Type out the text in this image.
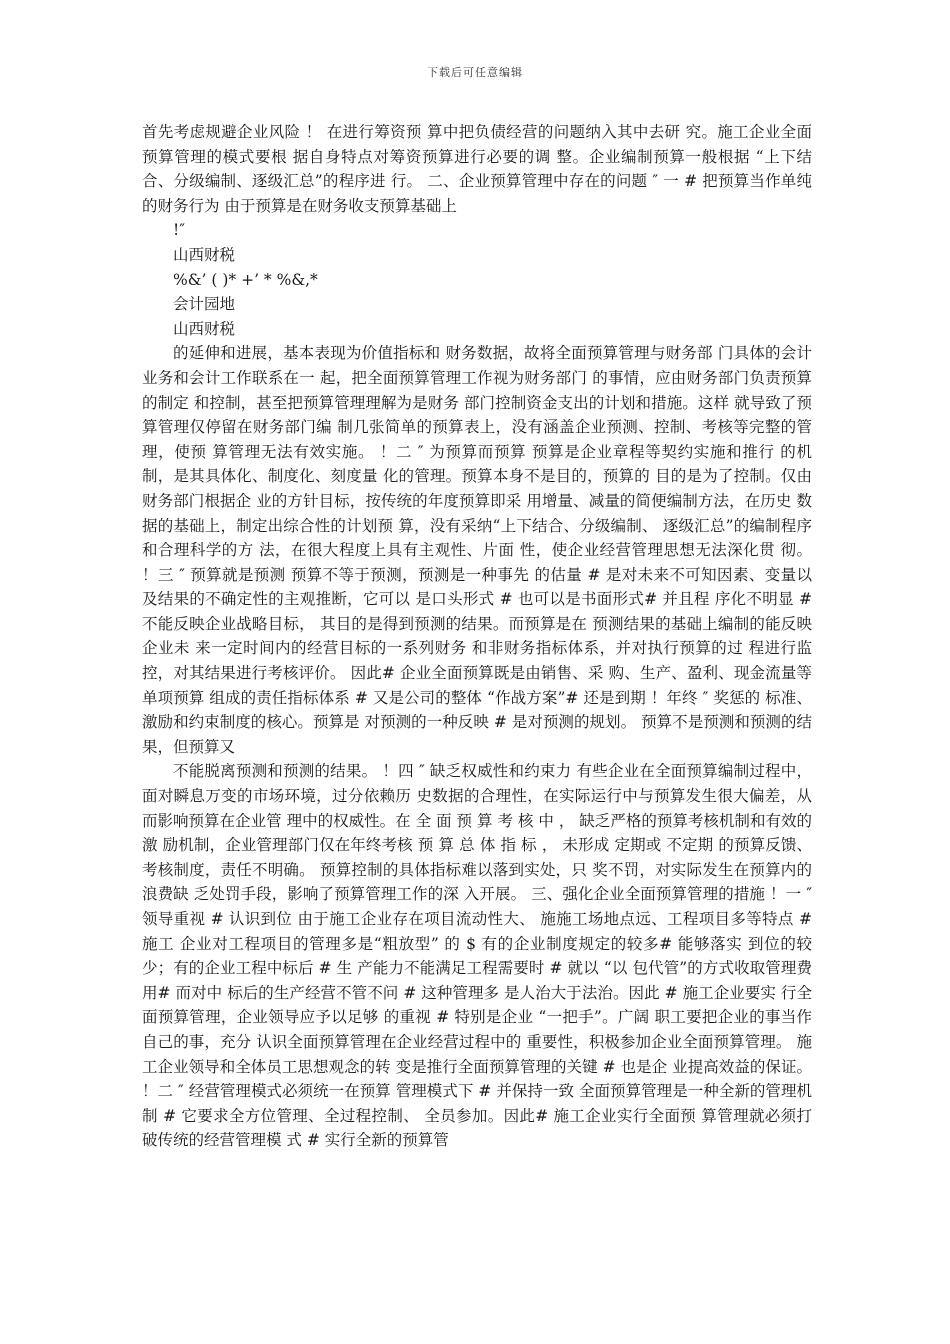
下载后可任意编辑

首先考虑规避企业风险 ！ 在进行筹资预 算中把负债经营的问题纳入其中去研 究。施工企业全面预算管理的模式要根 据自身特点对筹资预算进行必要的调 整。企业编制预算一般根据 “上下结 合、分级编制、逐级汇总”的程序进 行。 二、企业预算管理中存在的问题 ″ 一 # 把预算当作单纯的财务行为 由于预算是在财务收支预算基础上

!″

山西财税

%&’ ( )* +’ * %&,*

会计园地

山西财税

的延伸和进展，基本表现为价值指标和 财务数据，故将全面预算管理与财务部 门具体的会计业务和会计工作联系在一 起，把全面预算管理工作视为财务部门 的事情，应由财务部门负责预算的制定 和控制，甚至把预算管理理解为是财务 部门控制资金支出的计划和措施。这样 就导致了预算管理仅停留在财务部门编 制几张简单的预算表上，没有涵盖企业预测、控制、考核等完整的管理，使预 算管理无法有效实施。 ！二 ″ 为预算而预算 预算是企业章程等契约实施和推行 的机制，是其具体化、制度化、刻度量 化的管理。预算本身不是目的，预算的 目的是为了控制。仅由财务部门根据企 业的方针目标，按传统的年度预算即采 用增量、减量的简便编制方法，在历史 数据的基础上，制定出综合性的计划预 算，没有采纳“上下结合、分级编制、 逐级汇总”的编制程序和合理科学的方 法，在很大程度上具有主观性、片面 性，使企业经营管理思想无法深化贯 彻。 ！三 ″ 预算就是预测 预算不等于预测，预测是一种事先 的估量 # 是对未来不可知因素、变量以 及结果的不确定性的主观推断，它可以 是口头形式 # 也可以是书面形式# 并且程 序化不明显 # 不能反映企业战略目标， 其目的是得到预测的结果。而预算是在 预测结果的基础上编制的能反映企业未 来一定时间内的经营目标的一系列财务 和非财务指标体系，并对执行预算的过 程进行监控，对其结果进行考核评价。 因此# 企业全面预算既是由销售、采 购、生产、盈利、现金流量等单项预算 组成的责任指标体系 # 又是公司的整体 “作战方案”# 还是到期 ！年终 ″ 奖惩的 标准、激励和约束制度的核心。预算是 对预测的一种反映 # 是对预测的规划。 预算不是预测和预测的结果，但预算又

不能脱离预测和预测的结果。 ！四 ″ 缺乏权威性和约束力 有些企业在全面预算编制过程中， 面对瞬息万变的市场环境，过分依赖历 史数据的合理性，在实际运行中与预算发生很大偏差，从而影响预算在企业管 理中的权威性。在 全 面 预 算 考 核 中 ， 缺乏严格的预算考核机制和有效的激 励机制，企业管理部门仅在年终考核 预 算 总 体 指 标 ， 未形成 定期或 不定期 的预算反馈、考核制度，责任不明确。 预算控制的具体指标难以落到实处，只 奖不罚，对实际发生在预算内的浪费缺 乏处罚手段，影响了预算管理工作的深 入开展。 三、强化企业全面预算管理的措施 ！一 ″ 领导重视 # 认识到位 由于施工企业存在项目流动性大、 施施工场地点远、工程项目多等特点 # 施工 企业对工程项目的管理多是“粗放型” 的 $ 有的企业制度规定的较多# 能够落实 到位的较少；有的企业工程中标后 # 生 产能力不能满足工程需要时 # 就以 “以 包代管”的方式收取管理费用# 而对中 标后的生产经营不管不问 # 这种管理多 是人治大于法治。因此 # 施工企业要实 行全面预算管理，企业领导应予以足够 的重视 # 特别是企业 “一把手”。广阔 职工要把企业的事当作自己的事，充分 认识全面预算管理在企业经营过程中的 重要性，积极参加企业全面预算管理。 施工企业领导和全体员工思想观念的转 变是推行全面预算管理的关键 # 也是企 业提高效益的保证。 ！二 ″ 经营管理模式必须统一在预算 管理模式下 # 并保持一致 全面预算管理是一种全新的管理机 制 # 它要求全方位管理、全过程控制、 全员参加。因此# 施工企业实行全面预 算管理就必须打破传统的经营管理模 式 # 实行全新的预算管
